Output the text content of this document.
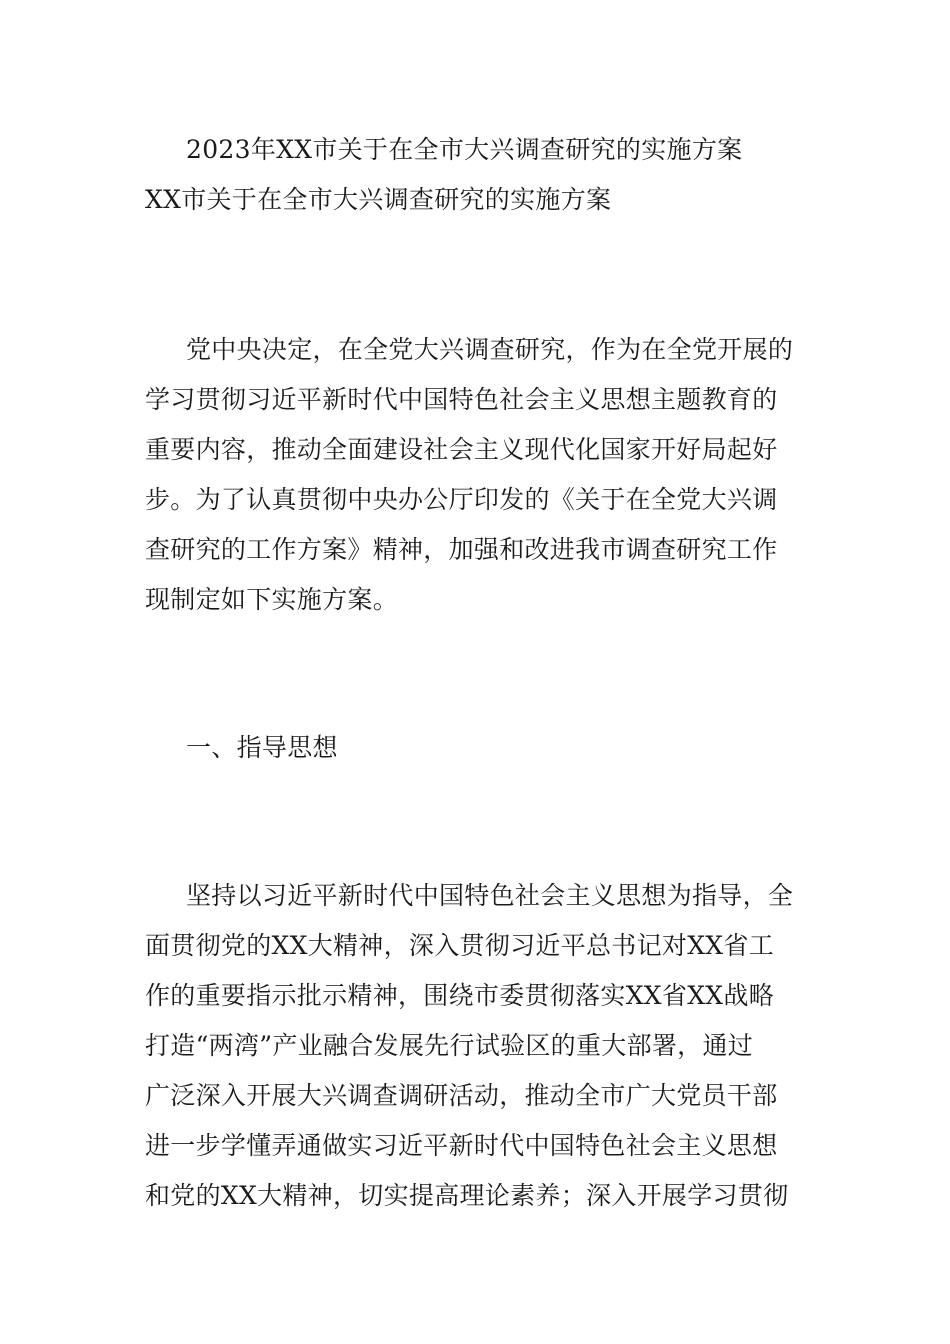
2023年XX市关于在全市大兴调查研究的实施方案
XX市关于在全市大兴调查研究的实施方案
党中央决定，在全党大兴调查研究，作为在全党开展的
学习贯彻习近平新时代中国特色社会主义思想主题教育的
重要内容，推动全面建设社会主义现代化国家开好局起好
步。为了认真贯彻中央办公厅印发的《关于在全党大兴调
查研究的工作方案》精神，加强和改进我市调查研究工作
现制定如下实施方案。
一、指导思想
坚持以习近平新时代中国特色社会主义思想为指导，全
面贯彻党的XX大精神，深入贯彻习近平总书记对XX省工
作的重要指示批示精神，围绕市委贯彻落实XX省XX战略
打造“两湾”产业融合发展先行试验区的重大部署，通过
广泛深入开展大兴调查调研活动，推动全市广大党员干部
进一步学懂弄通做实习近平新时代中国特色社会主义思想
和党的XX大精神，切实提高理论素养；深入开展学习贯彻
